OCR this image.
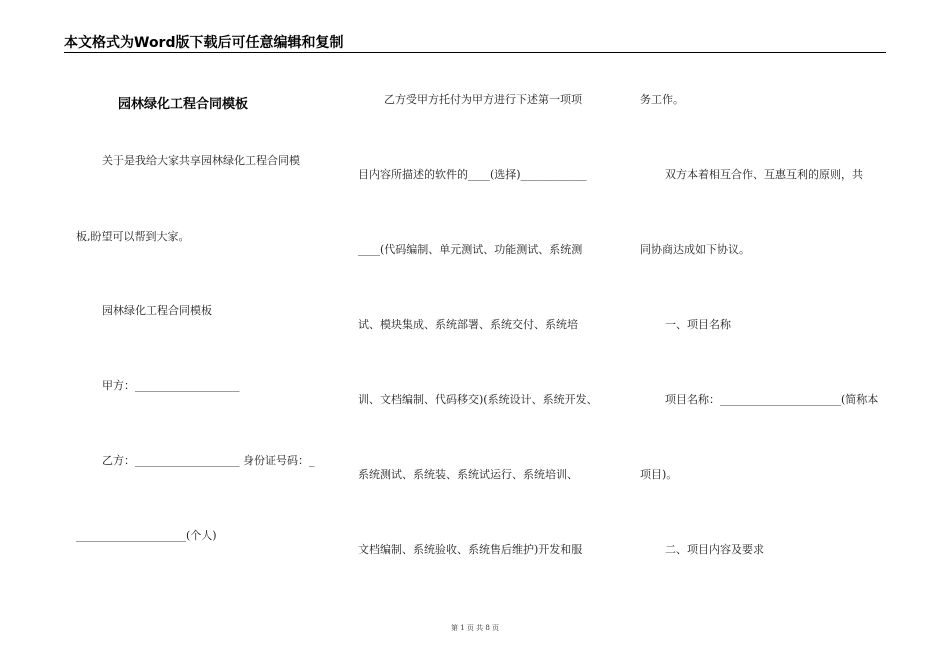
本文格式为Word版下载后可任意编辑和复制
园林绿化工程合同模板
关于是我给大家共享园林绿化工程合同模
板,盼望可以帮到大家。
园林绿化工程合同模板
甲方：___________________
乙方：___________________ 身份证号码：_
____________________(个人)
乙方受甲方托付为甲方进行下述第一项项
目内容所描述的软件的____(选择)____________
____(代码编制、单元测试、功能测试、系统测
试、模块集成、系统部署、系统交付、系统培
训、文档编制、代码移交)(系统设计、系统开发、
系统测试、系统装、系统试运行、系统培训、
文档编制、系统验收、系统售后维护)开发和服
务工作。
双方本着相互合作、互惠互利的原则，共
同协商达成如下协议。
一、项目名称
项目名称：______________________(简称本
项目)。
二、项目内容及要求
第 1 页 共 8 页
